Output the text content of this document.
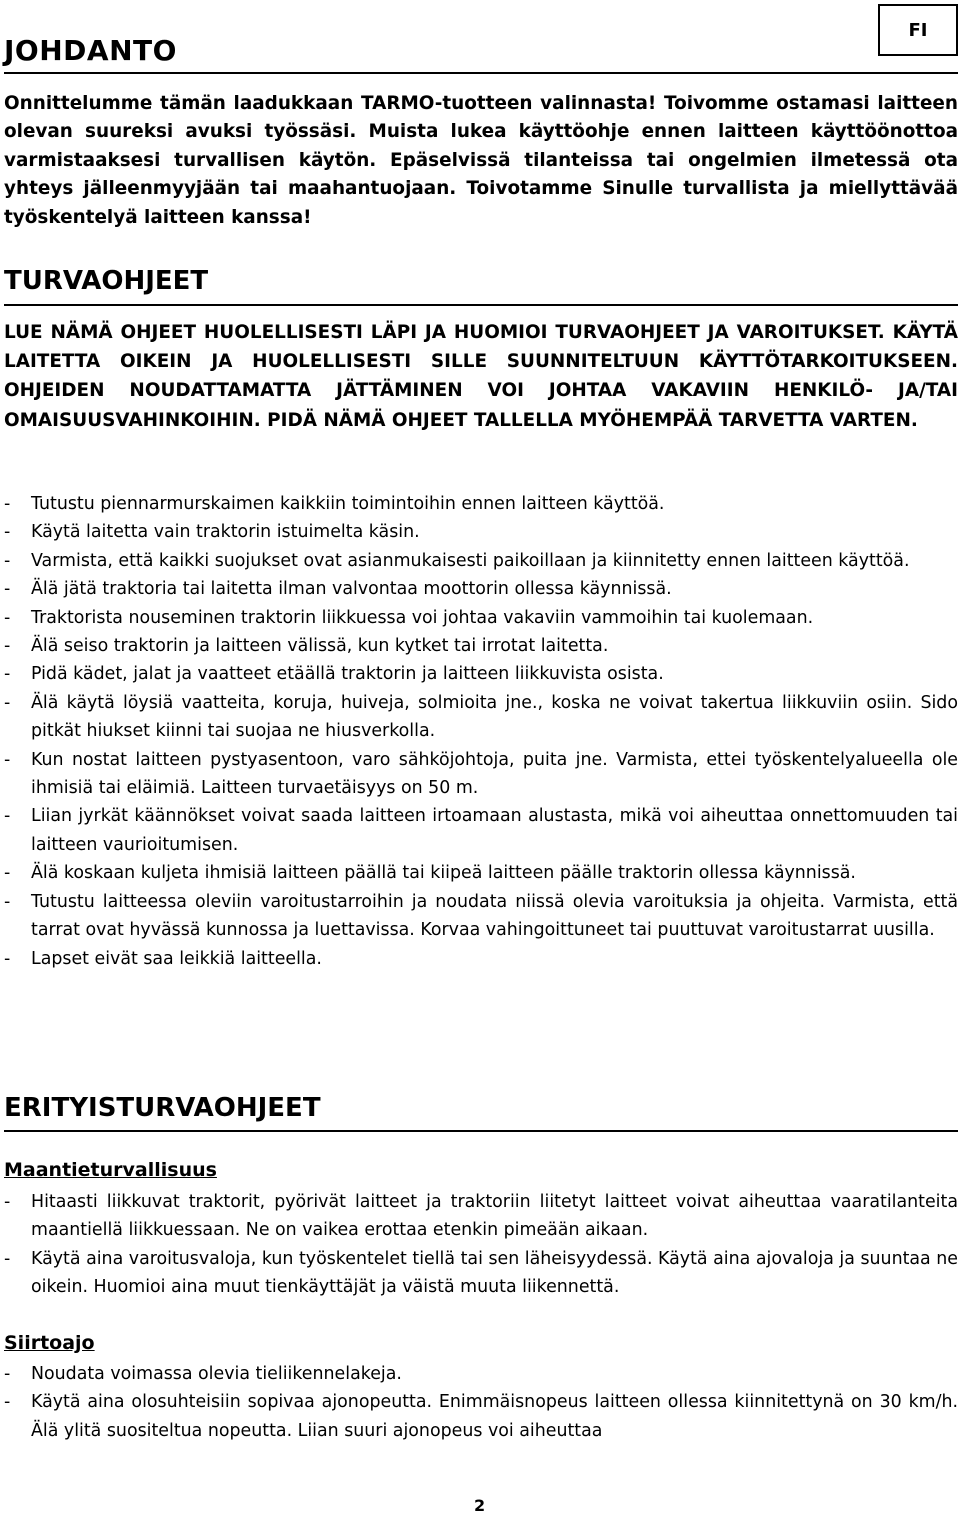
FI
JOHDANTO

Onnittelumme tämän laadukkaan TARMO-tuotteen valinnasta! Toivomme ostamasi laitteen olevan suureksi avuksi työssäsi. Muista lukea käyttöohje ennen laitteen käyttöönottoa varmistaaksesi turvallisen käytön. Epäselvissä tilanteissa tai ongelmien ilmetessä ota yhteys jälleenmyyjään tai maahantuojaan. Toivotamme Sinulle turvallista ja miellyttävää työskentelyä laitteen kanssa!

TURVAOHJEET

LUE NÄMÄ OHJEET HUOLELLISESTI LÄPI JA HUOMIOI TURVAOHJEET JA VAROITUKSET. KÄYTÄ LAITETTA OIKEIN JA HUOLELLISESTI SILLE SUUNNITELTUUN KÄYTTÖTARKOITUKSEEN. OHJEIDEN NOUDATTAMATTA JÄTTÄMINEN VOI JOHTAA VAKAVIIN HENKILÖ- JA/TAI OMAISUUSVAHINKOIHIN. PIDÄ NÄMÄ OHJEET TALLELLA MYÖHEMPÄÄ TARVETTA VARTEN.

- Tutustu piennarmurskaimen kaikkiin toimintoihin ennen laitteen käyttöä.
- Käytä laitetta vain traktorin istuimelta käsin.
- Varmista, että kaikki suojukset ovat asianmukaisesti paikoillaan ja kiinnitetty ennen laitteen käyttöä.
- Älä jätä traktoria tai laitetta ilman valvontaa moottorin ollessa käynnissä.
- Traktorista nouseminen traktorin liikkuessa voi johtaa vakaviin vammoihin tai kuolemaan.
- Älä seiso traktorin ja laitteen välissä, kun kytket tai irrotat laitetta.
- Pidä kädet, jalat ja vaatteet etäällä traktorin ja laitteen liikkuvista osista.
- Älä käytä löysiä vaatteita, koruja, huiveja, solmioita jne., koska ne voivat takertua liikkuviin osiin. Sido pitkät hiukset kiinni tai suojaa ne hiusverkolla.
- Kun nostat laitteen pystyasentoon, varo sähköjohtoja, puita jne. Varmista, ettei työskentelyalueella ole ihmisiä tai eläimiä. Laitteen turvaetäisyys on 50 m.
- Liian jyrkät käännökset voivat saada laitteen irtoamaan alustasta, mikä voi aiheuttaa onnettomuuden tai laitteen vaurioitumisen.
- Älä koskaan kuljeta ihmisiä laitteen päällä tai kiipeä laitteen päälle traktorin ollessa käynnissä.
- Tutustu laitteessa oleviin varoitustarroihin ja noudata niissä olevia varoituksia ja ohjeita. Varmista, että tarrat ovat hyvässä kunnossa ja luettavissa. Korvaa vahingoittuneet tai puuttuvat varoitustarrat uusilla.
- Lapset eivät saa leikkiä laitteella.
ERITYISTURVAOHJEET
Maantieturvallisuus
- Hitaasti liikkuvat traktorit, pyörivät laitteet ja traktoriin liitetyt laitteet voivat aiheuttaa vaaratilanteita maantiellä liikkuessaan. Ne on vaikea erottaa etenkin pimeään aikaan.
- Käytä aina varoitusvaloja, kun työskentelet tiellä tai sen läheisyydessä. Käytä aina ajovaloja ja suuntaa ne oikein. Huomioi aina muut tienkäyttäjät ja väistä muuta liikennettä.
Siirtoajo
- Noudata voimassa olevia tieliikennelakeja.
- Käytä aina olosuhteisiin sopivaa ajonopeutta. Enimmäisnopeus laitteen ollessa kiinnitettynä on 30 km/h. Älä ylitä suositeltua nopeutta. Liian suuri ajonopeus voi aiheuttaa
2
